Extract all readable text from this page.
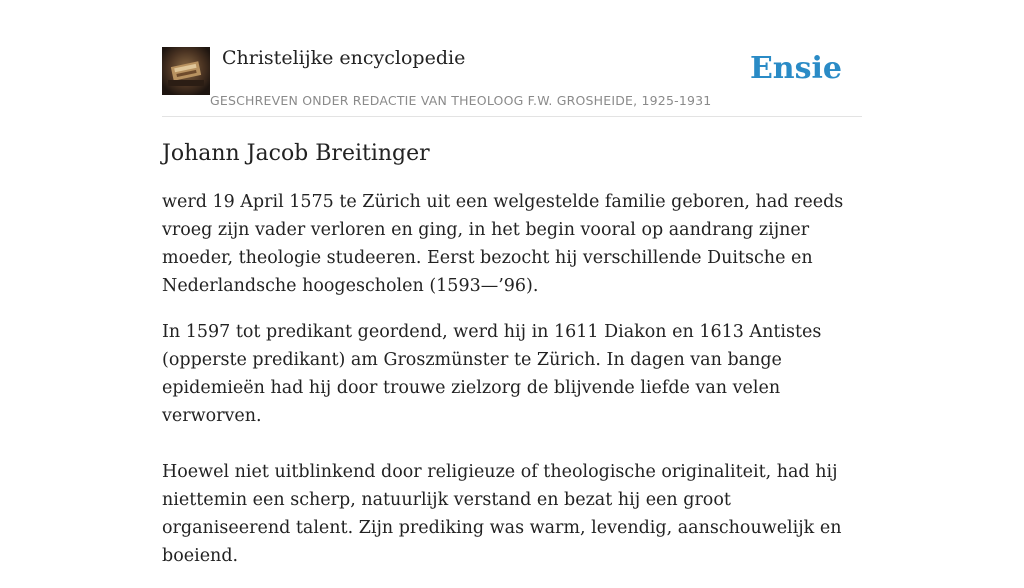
Christelijke encyclopedie
GESCHREVEN ONDER REDACTIE VAN THEOLOOG F.W. GROSHEIDE, 1925-1931
Ensie
Johann Jacob Breitinger

werd 19 April 1575 te Zürich uit een welgestelde familie geboren, had reeds vroeg zijn vader verloren en ging, in het begin vooral op aandrang zijner moeder, theologie studeeren. Eerst bezocht hij verschillende Duitsche en Nederlandsche hoogescholen (1593—’96).

In 1597 tot predikant geordend, werd hij in 1611 Diakon en 1613 Antistes (opperste predikant) am Groszmünster te Zürich. In dagen van bange epidemieën had hij door trouwe zielzorg de blijvende liefde van velen verworven.

Hoewel niet uitblinkend door religieuze of theologische originaliteit, had hij niettemin een scherp, natuurlijk verstand en bezat hij een groot organiseerend talent. Zijn prediking was warm, levendig, aanschouwelijk en boeiend.
